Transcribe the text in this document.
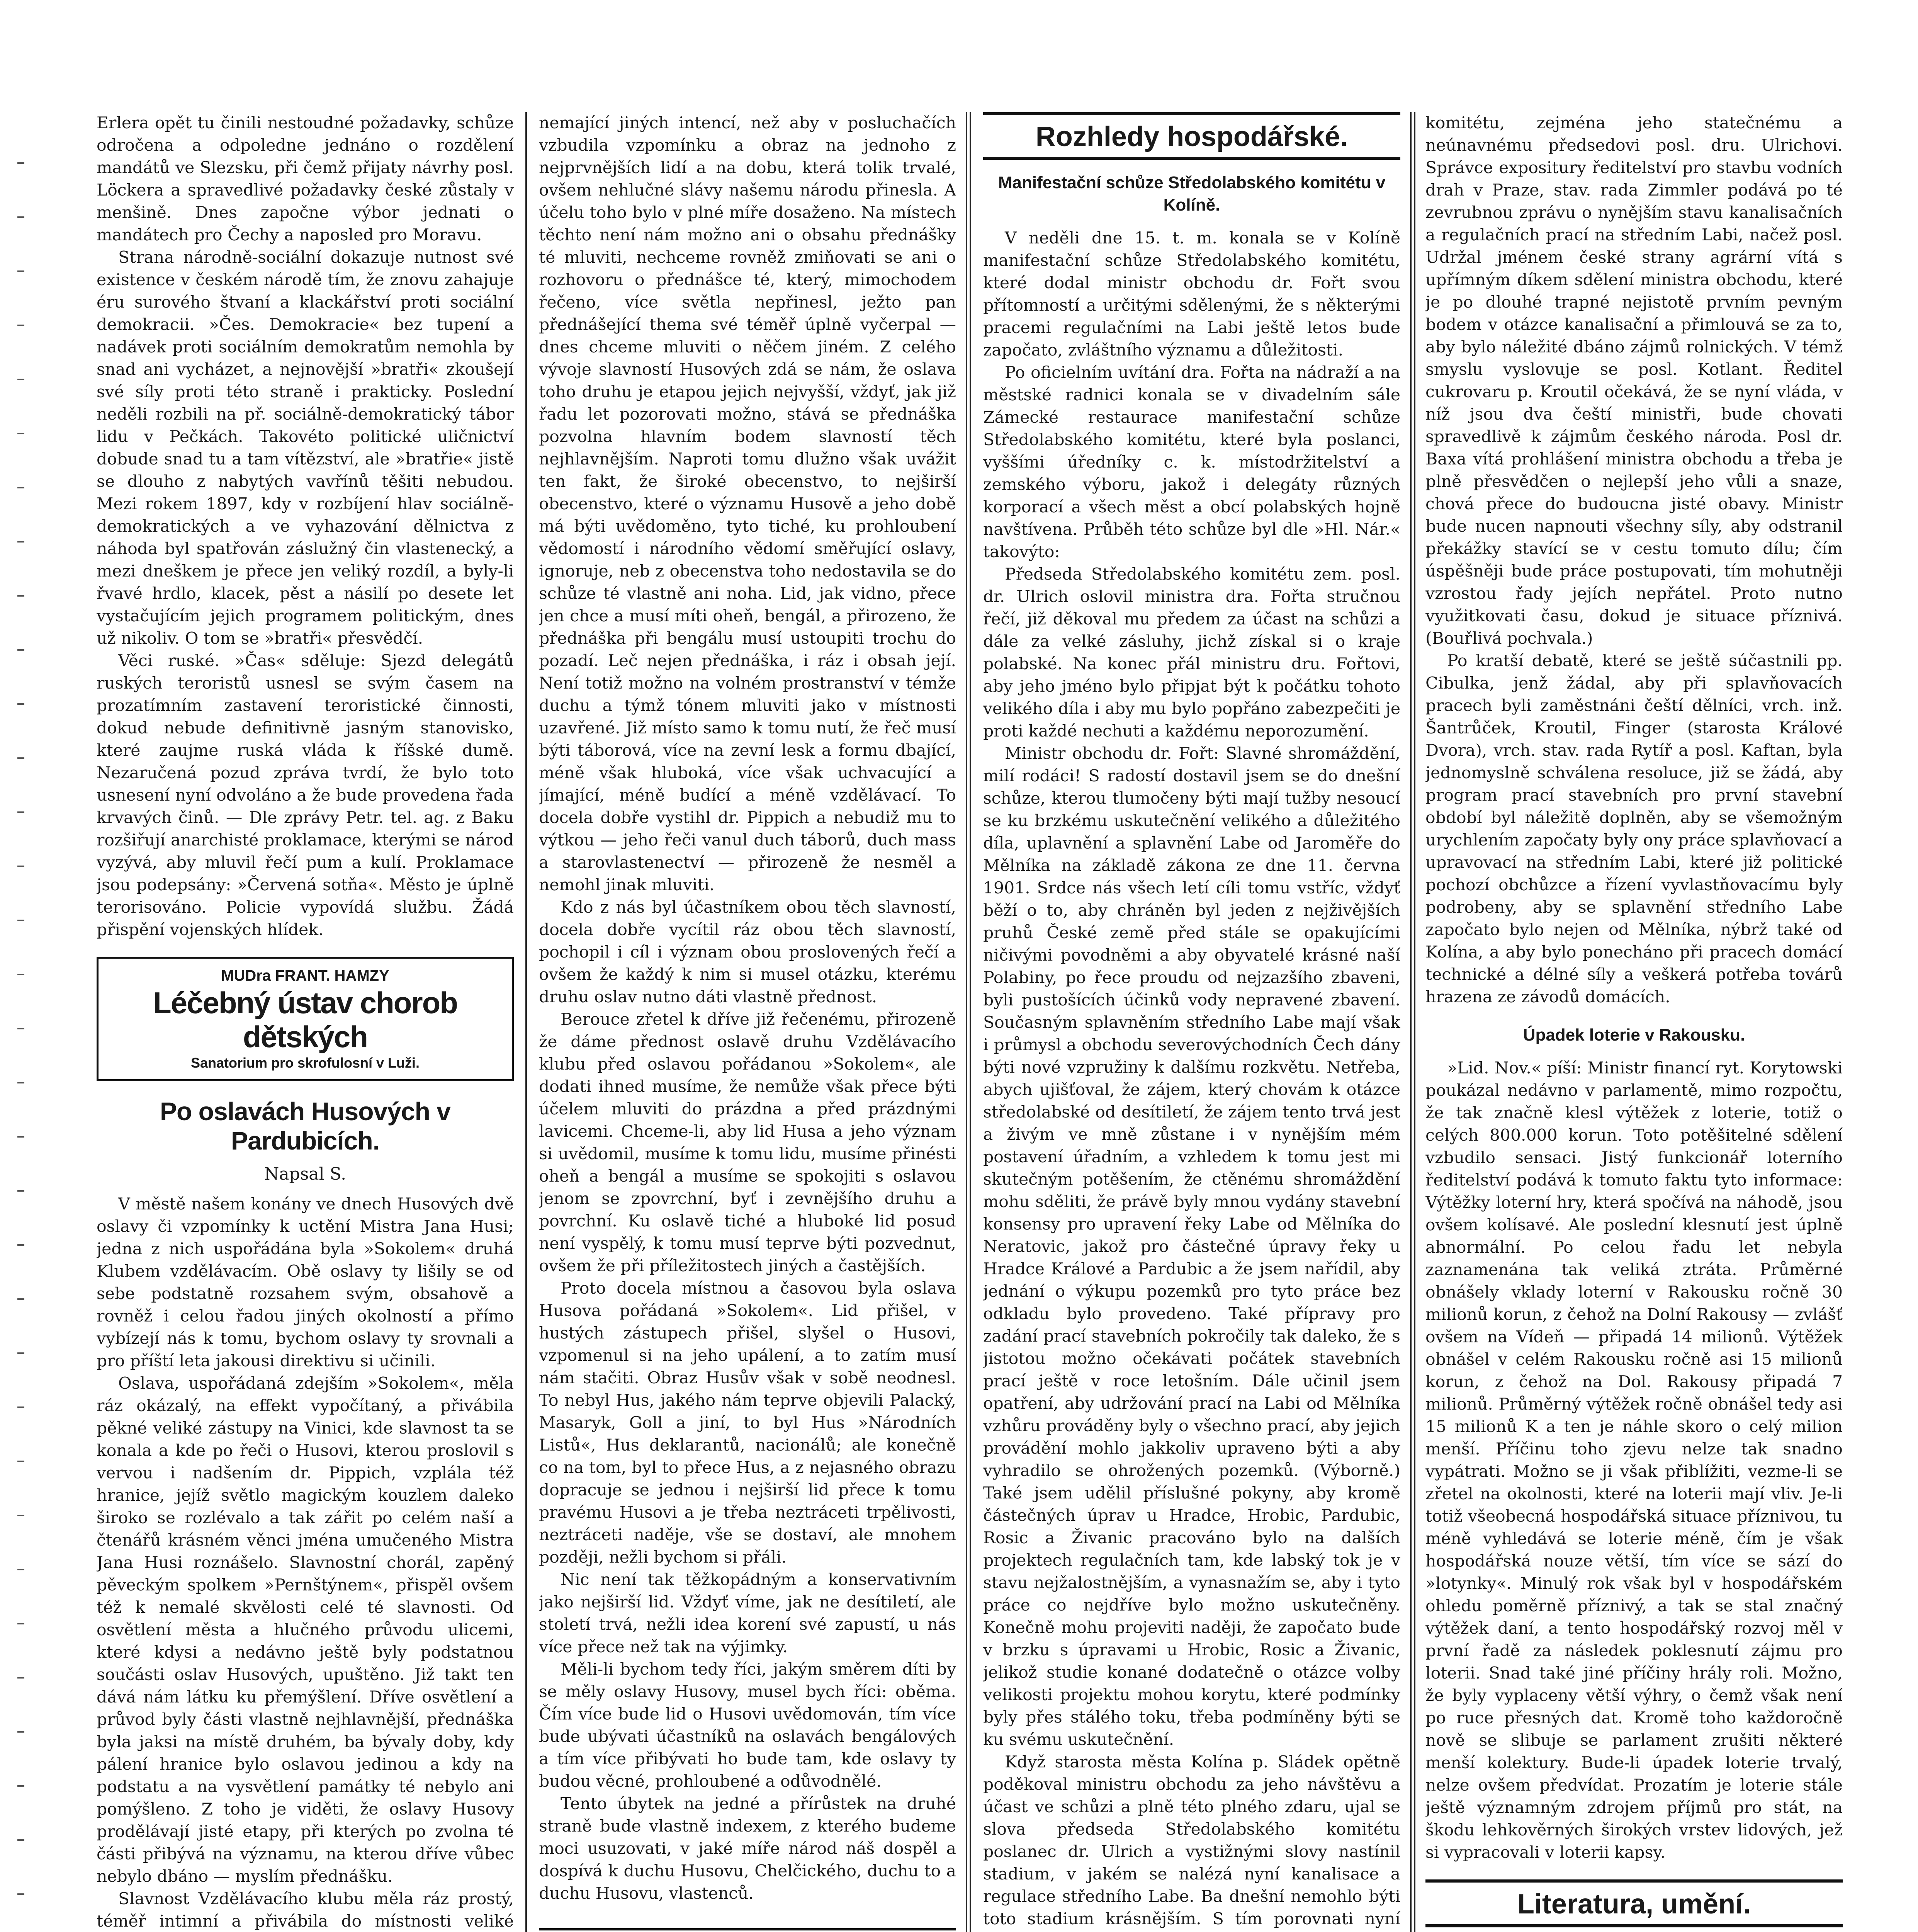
Erlera opět tu činili nestoudné požadavky, schůze odročena a odpoledne jednáno o rozdělení mandátů ve Slezsku, při čemž přijaty návrhy posl. Löckera a spravedlivé požadavky české zůstaly v menšině. Dnes započne výbor jednati o mandátech pro Čechy a naposled pro Moravu.

Strana národně-sociální dokazuje nutnost své existence v českém národě tím, že znovu zahajuje éru surového štvaní a klackářství proti sociální demokracii. »Čes. Demokracie« bez tupení a nadávek proti sociálním demokratům nemohla by snad ani vycházet, a nejnovější »bratři« zkoušejí své síly proti této straně i prakticky. Poslední neděli rozbili na př. sociálně-demokratický tábor lidu v Pečkách. Takovéto politické uličnictví dobude snad tu a tam vítězství, ale »bratřie« jistě se dlouho z nabytých vavřínů těšiti nebudou. Mezi rokem 1897, kdy v rozbíjení hlav sociálně-demokratických a ve vyhazování dělnictva z náhoda byl spatřován záslužný čin vlastenecký, a mezi dneškem je přece jen veliký rozdíl, a byly-li řvavé hrdlo, klacek, pěst a násilí po desete let vystačujícím jejich programem politickým, dnes už nikoliv. O tom se »bratři« přesvědčí.

Věci ruské. »Čas« sděluje: Sjezd delegátů ruských teroristů usnesl se svým časem na prozatímním zastavení teroristické činnosti, dokud nebude definitivně jasným stanovisko, které zaujme ruská vláda k říšské dumě. Nezaručená pozud zpráva tvrdí, že bylo toto usnesení nyní odvoláno a že bude provedena řada krvavých činů. — Dle zprávy Petr. tel. ag. z Baku rozšiřují anarchisté proklamace, kterými se národ vyzývá, aby mluvil řečí pum a kulí. Proklamace jsou podepsány: »Červená sotňa«. Město je úplně terorisováno. Policie vypovídá službu. Žádá přispění vojenských hlídek.

MUDra FRANT. HAMZY
Léčebný ústav chorob dětských
Sanatorium pro skrofulosní v Luži.
Po oslavách Husových v Pardubicích.
Napsal S.

V městě našem konány ve dnech Husových dvě oslavy či vzpomínky k uctění Mistra Jana Husi; jedna z nich uspořádána byla »Sokolem« druhá Klubem vzdělávacím. Obě oslavy ty lišily se od sebe podstatně rozsahem svým, obsahově a rovněž i celou řadou jiných okolností a přímo vybízejí nás k tomu, bychom oslavy ty srovnali a pro příští leta jakousi direktivu si učinili.

Oslava, uspořádaná zdejším »Sokolem«, měla ráz okázalý, na effekt vypočítaný, a přivábila pěkné veliké zástupy na Vinici, kde slavnost ta se konala a kde po řeči o Husovi, kterou proslovil s vervou i nadšením dr. Pippich, vzplála též hranice, jejíž světlo magickým kouzlem daleko široko se rozlévalo a tak zářit po celém naší a čtenářů krásném věnci jména umučeného Mistra Jana Husi roznášelo. Slavnostní chorál, zapěný pěveckým spolkem »Pernštýnem«, přispěl ovšem též k nemalé skvělosti celé té slavnosti. Od osvětlení města a hlučného průvodu ulicemi, které kdysi a nedávno ještě byly podstatnou součásti oslav Husových, upuštěno. Již takt ten dává nám látku ku přemýšlení. Dříve osvětlení a průvod byly části vlastně nejhlavnější, přednáška byla jaksi na místě druhém, ba bývaly doby, kdy pálení hranice bylo oslavou jedinou a kdy na podstatu a na vysvětlení památky té nebylo ani pomýšleno. Z toho je viděti, že oslavy Husovy prodělávají jisté etapy, při kterých po zvolna té části přibývá na významu, na kterou dříve vůbec nebylo dbáno — myslím přednášku.

Slavnost Vzdělávacího klubu měla ráz prostý, téměř intimní a přivábila do místnosti veliké

nemající jiných intencí, než aby v posluchačích vzbudila vzpomínku a obraz na jednoho z nejprvnějších lidí a na dobu, která tolik trvalé, ovšem nehlučné slávy našemu národu přinesla. A účelu toho bylo v plné míře dosaženo. Na místech těchto není nám možno ani o obsahu přednášky té mluviti, nechceme rovněž zmiňovati se ani o rozhovoru o přednášce té, který, mimochodem řečeno, více světla nepřinesl, ježto pan přednášející thema své téměř úplně vyčerpal — dnes chceme mluviti o něčem jiném. Z celého vývoje slavností Husových zdá se nám, že oslava toho druhu je etapou jejich nejvyšší, vždyť, jak již řadu let pozorovati možno, stává se přednáška pozvolna hlavním bodem slavností těch nejhlavnějším. Naproti tomu dlužno však uvážit ten fakt, že široké obecenstvo, to nejširší obecenstvo, které o významu Husově a jeho době má býti uvědoměno, tyto tiché, ku prohloubení vědomostí i národního vědomí směřující oslavy, ignoruje, neb z obecenstva toho nedostavila se do schůze té vlastně ani noha. Lid, jak vidno, přece jen chce a musí míti oheň, bengál, a přirozeno, že přednáška při bengálu musí ustoupiti trochu do pozadí. Leč nejen přednáška, i ráz i obsah její. Není totiž možno na volném prostranství v témže duchu a týmž tónem mluviti jako v místnosti uzavřené. Již místo samo k tomu nutí, že řeč musí býti táborová, více na zevní lesk a formu dbající, méně však hluboká, více však uchvacující a jímající, méně budící a méně vzdělávací. To docela dobře vystihl dr. Pippich a nebudiž mu to výtkou — jeho řeči vanul duch táborů, duch mass a starovlastenectví — přirozeně že nesměl a nemohl jinak mluviti.

Kdo z nás byl účastníkem obou těch slavností, docela dobře vycítil ráz obou těch slavností, pochopil i cíl i význam obou proslovených řečí a ovšem že každý k nim si musel otázku, kterému druhu oslav nutno dáti vlastně přednost.

Berouce zřetel k dříve již řečenému, přirozeně že dáme přednost oslavě druhu Vzdělávacího klubu před oslavou pořádanou »Sokolem«, ale dodati ihned musíme, že nemůže však přece býti účelem mluviti do prázdna a před prázdnými lavicemi. Chceme-li, aby lid Husa a jeho význam si uvědomil, musíme k tomu lidu, musíme přinésti oheň a bengál a musíme se spokojiti s oslavou jenom se zpovrchní, byť i zevnějšího druhu a povrchní. Ku oslavě tiché a hluboké lid posud není vyspělý, k tomu musí teprve býti pozvednut, ovšem že při příležitostech jiných a častějších.

Proto docela místnou a časovou byla oslava Husova pořádaná »Sokolem«. Lid přišel, v hustých zástupech přišel, slyšel o Husovi, vzpomenul si na jeho upálení, a to zatím musí nám stačiti. Obraz Husův však v sobě neodnesl. To nebyl Hus, jakého nám teprve objevili Palacký, Masaryk, Goll a jiní, to byl Hus »Národních Listů«, Hus deklarantů, nacionálů; ale konečně co na tom, byl to přece Hus, a z nejasného obrazu dopracuje se jednou i nejširší lid přece k tomu pravému Husovi a je třeba neztráceti trpělivosti, neztráceti naděje, vše se dostaví, ale mnohem později, nežli bychom si přáli.

Nic není tak těžkopádným a konservativním jako nejširší lid. Vždyť víme, jak ne desítiletí, ale století trvá, nežli idea korení své zapustí, u nás více přece než tak na výjimky.

Měli-li bychom tedy říci, jakým směrem díti by se měly oslavy Husovy, musel bych říci: oběma. Čím více bude lid o Husovi uvědomován, tím více bude ubývati účastníků na oslavách bengálových a tím více přibývati ho bude tam, kde oslavy ty budou věcné, prohloubené a odůvodnělé.

Tento úbytek na jedné a přírůstek na druhé straně bude vlastně indexem, z kterého budeme moci usuzovati, v jaké míře národ náš dospěl a dospívá k duchu Husovu, Chelčického, duchu to a duchu Husovu, vlastenců.

Rozhledy hospodářské.
Manifestační schůze Středolabského komitétu v Kolíně.

V neděli dne 15. t. m. konala se v Kolíně manifestační schůze Středolabského komitétu, které dodal ministr obchodu dr. Fořt svou přítomností a určitými sdělenými, že s některými pracemi regulačními na Labi ještě letos bude započato, zvláštního významu a důležitosti.

Po oficielním uvítání dra. Fořta na nádraží a na městské radnici konala se v divadelním sále Zámecké restaurace manifestační schůze Středolabského komitétu, které byla poslanci, vyššími úředníky c. k. místodržitelství a zemského výboru, jakož i delegáty různých korporací a všech měst a obcí polabských hojně navštívena. Průběh této schůze byl dle »Hl. Nár.« takovýto:

Předseda Středolabského komitétu zem. posl. dr. Ulrich oslovil ministra dra. Fořta stručnou řečí, již děkoval mu předem za účast na schůzi a dále za velké zásluhy, jichž získal si o kraje polabské. Na konec přál ministru dru. Fořtovi, aby jeho jméno bylo připjat být k počátku tohoto velikého díla i aby mu bylo popřáno zabezpečiti je proti každé nechuti a každému neporozumění.

Ministr obchodu dr. Fořt: Slavné shromáždění, milí rodáci! S radostí dostavil jsem se do dnešní schůze, kterou tlumočeny býti mají tužby nesoucí se ku brzkému uskutečnění velikého a důležitého díla, uplavnění a splavnění Labe od Jaroměře do Mělníka na základě zákona ze dne 11. června 1901. Srdce nás všech letí cíli tomu vstříc, vždyť běží o to, aby chráněn byl jeden z nejživějších pruhů České země před stále se opakujícími ničivými povodněmi a aby obyvatelé krásné naší Polabiny, po řece proudu od nejzazšího zbaveni, byli pustošících účinků vody nepravené zbavení. Současným splavněním středního Labe mají však i průmysl a obchodu severovýchodních Čech dány býti nové vzpružiny k dalšímu rozkvětu. Netřeba, abych ujišťoval, že zájem, který chovám k otázce středolabské od desítiletí, že zájem tento trvá jest a živým ve mně zůstane i v nynějším mém postavení úřadním, a vzhledem k tomu jest mi skutečným potěšením, že ctěnému shromáždění mohu sděliti, že právě byly mnou vydány stavební konsensy pro upravení řeky Labe od Mělníka do Neratovic, jakož pro částečné úpravy řeky u Hradce Králové a Pardubic a že jsem nařídil, aby jednání o výkupu pozemků pro tyto práce bez odkladu bylo provedeno. Také přípravy pro zadání prací stavebních pokročily tak daleko, že s jistotou možno očekávati počátek stavebních prací ještě v roce letošním. Dále učinil jsem opatření, aby udržování prací na Labi od Mělníka vzhůru prováděny byly o všechno prací, aby jejich provádění mohlo jakkoliv upraveno býti a aby vyhradilo se ohrožených pozemků. (Výborně.) Také jsem udělil příslušné pokyny, aby kromě částečných úprav u Hradce, Hrobic, Pardubic, Rosic a Živanic pracováno bylo na dalších projektech regulačních tam, kde labský tok je v stavu nejžalostnějším, a vynasnažím se, aby i tyto práce co nejdříve bylo možno uskutečněny. Konečně mohu projeviti naději, že započato bude v brzku s úpravami u Hrobic, Rosic a Živanic, jelikož studie konané dodatečně o otázce volby velikosti projektu mohou korytu, které podmínky byly přes stálého toku, třeba podmíněny býti se ku svému uskutečnění.

Když starosta města Kolína p. Sládek opětně poděkoval ministru obchodu za jeho návštěvu a účast ve schůzi a plně této plného zdaru, ujal se slova předseda Středolabského komitétu poslanec dr. Ulrich a vystižnými slovy nastínil stadium, v jakém se nalézá nyní kanalisace a regulace středního Labe. Ba dnešní nemohlo býti toto stadium krásnějším. S tím porovnati nyní

komitétu, zejména jeho statečnému a neúnavnému předsedovi posl. dru. Ulrichovi. Správce expositury ředitelství pro stavbu vodních drah v Praze, stav. rada Zimmler podává po té zevrubnou zprávu o nynějším stavu kanalisačních a regulačních prací na středním Labi, načež posl. Udržal jménem české strany agrární vítá s upřímným díkem sdělení ministra obchodu, které je po dlouhé trapné nejistotě prvním pevným bodem v otázce kanalisační a přimlouvá se za to, aby bylo náležité dbáno zájmů rolnických. V témž smyslu vyslovuje se posl. Kotlant. Ředitel cukrovaru p. Kroutil očekává, že se nyní vláda, v níž jsou dva čeští ministři, bude chovati spravedlivě k zájmům českého národa. Posl dr. Baxa vítá prohlášení ministra obchodu a třeba je plně přesvědčen o nejlepší jeho vůli a snaze, chová přece do budoucna jisté obavy. Ministr bude nucen napnouti všechny síly, aby odstranil překážky stavící se v cestu tomuto dílu; čím úspěšněji bude práce postupovati, tím mohutněji vzrostou řady jejích nepřátel. Proto nutno využitkovati času, dokud je situace příznivá. (Bouřlivá pochvala.)

Po kratší debatě, které se ještě súčastnili pp. Cibulka, jenž žádal, aby při splavňovacích pracech byli zaměstnáni čeští dělníci, vrch. inž. Šantrůček, Kroutil, Finger (starosta Králové Dvora), vrch. stav. rada Rytíř a posl. Kaftan, byla jednomyslně schválena resoluce, již se žádá, aby program prací stavebních pro první stavební období byl náležitě doplněn, aby se všemožným urychlením započaty byly ony práce splavňovací a upravovací na středním Labi, které již politické pochozí obchůzce a řízení vyvlastňovacímu byly podrobeny, aby se splavnění středního Labe započato bylo nejen od Mělníka, nýbrž také od Kolína, a aby bylo ponecháno při pracech domácí technické a délné síly a veškerá potřeba továrů hrazena ze závodů domácích.

Úpadek loterie v Rakousku.

»Lid. Nov.« píší: Ministr financí ryt. Korytowski poukázal nedávno v parlamentě, mimo rozpočtu, že tak značně klesl výtěžek z loterie, totiž o celých 800.000 korun. Toto potěšitelné sdělení vzbudilo sensaci. Jistý funkcionář loterního ředitelství podává k tomuto faktu tyto informace: Výtěžky loterní hry, která spočívá na náhodě, jsou ovšem kolísavé. Ale poslední klesnutí jest úplně abnormální. Po celou řadu let nebyla zaznamenána tak veliká ztráta. Průměrné obnášely vklady loterní v Rakousku ročně 30 milionů korun, z čehož na Dolní Rakousy — zvlášť ovšem na Vídeň — připadá 14 milionů. Výtěžek obnášel v celém Rakousku ročně asi 15 milionů korun, z čehož na Dol. Rakousy připadá 7 milionů. Průměrný výtěžek ročně obnášel tedy asi 15 milionů K a ten je náhle skoro o celý milion menší. Příčinu toho zjevu nelze tak snadno vypátrati. Možno se ji však přiblížiti, vezme-li se zřetel na okolnosti, které na loterii mají vliv. Je-li totiž všeobecná hospodářská situace příznivou, tu méně vyhledává se loterie méně, čím je však hospodářská nouze větší, tím více se sází do »lotynky«. Minulý rok však byl v hospodářském ohledu poměrně příznivý, a tak se stal značný výtěžek daní, a tento hospodářský rozvoj měl v první řadě za následek poklesnutí zájmu pro loterii. Snad také jiné příčiny hrály roli. Možno, že byly vyplaceny větší výhry, o čemž však není po ruce přesných dat. Kromě toho každoročně nově se slibuje se parlament zrušiti některé menší kolektury. Bude-li úpadek loterie trvalý, nelze ovšem předvídat. Prozatím je loterie stále ještě významným zdrojem příjmů pro stát, na škodu lehkověrných širokých vrstev lidových, jež si vypracovali v loterii kapsy.

Literatura, umění.
